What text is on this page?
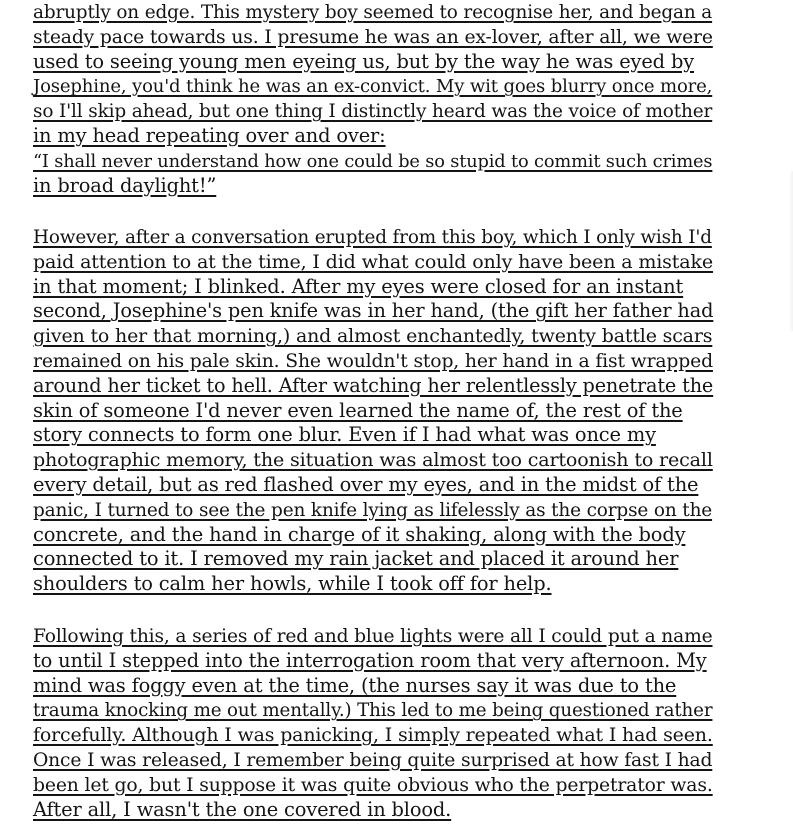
abruptly on edge. This mystery boy seemed to recognise her, and began a
steady pace towards us. I presume he was an ex-lover, after all, we were
used to seeing young men eyeing us, but by the way he was eyed by
Josephine, you'd think he was an ex-convict. My wit goes blurry once more,
so I'll skip ahead, but one thing I distinctly heard was the voice of mother
in my head repeating over and over:
“I shall never understand how one could be so stupid to commit such crimes
in broad daylight!”
However, after a conversation erupted from this boy, which I only wish I'd
paid attention to at the time, I did what could only have been a mistake
in that moment; I blinked. After my eyes were closed for an instant
second, Josephine's pen knife was in her hand, (the gift her father had
given to her that morning,) and almost enchantedly, twenty battle scars
remained on his pale skin. She wouldn't stop, her hand in a fist wrapped
around her ticket to hell. After watching her relentlessly penetrate the
skin of someone I'd never even learned the name of, the rest of the
story connects to form one blur. Even if I had what was once my
photographic memory, the situation was almost too cartoonish to recall
every detail, but as red flashed over my eyes, and in the midst of the
panic, I turned to see the pen knife lying as lifelessly as the corpse on the
concrete, and the hand in charge of it shaking, along with the body
connected to it. I removed my rain jacket and placed it around her
shoulders to calm her howls, while I took off for help.
Following this, a series of red and blue lights were all I could put a name
to until I stepped into the interrogation room that very afternoon. My
mind was foggy even at the time, (the nurses say it was due to the
trauma knocking me out mentally.) This led to me being questioned rather
forcefully. Although I was panicking, I simply repeated what I had seen.
Once I was released, I remember being quite surprised at how fast I had
been let go, but I suppose it was quite obvious who the perpetrator was.
After all, I wasn't the one covered in blood.
